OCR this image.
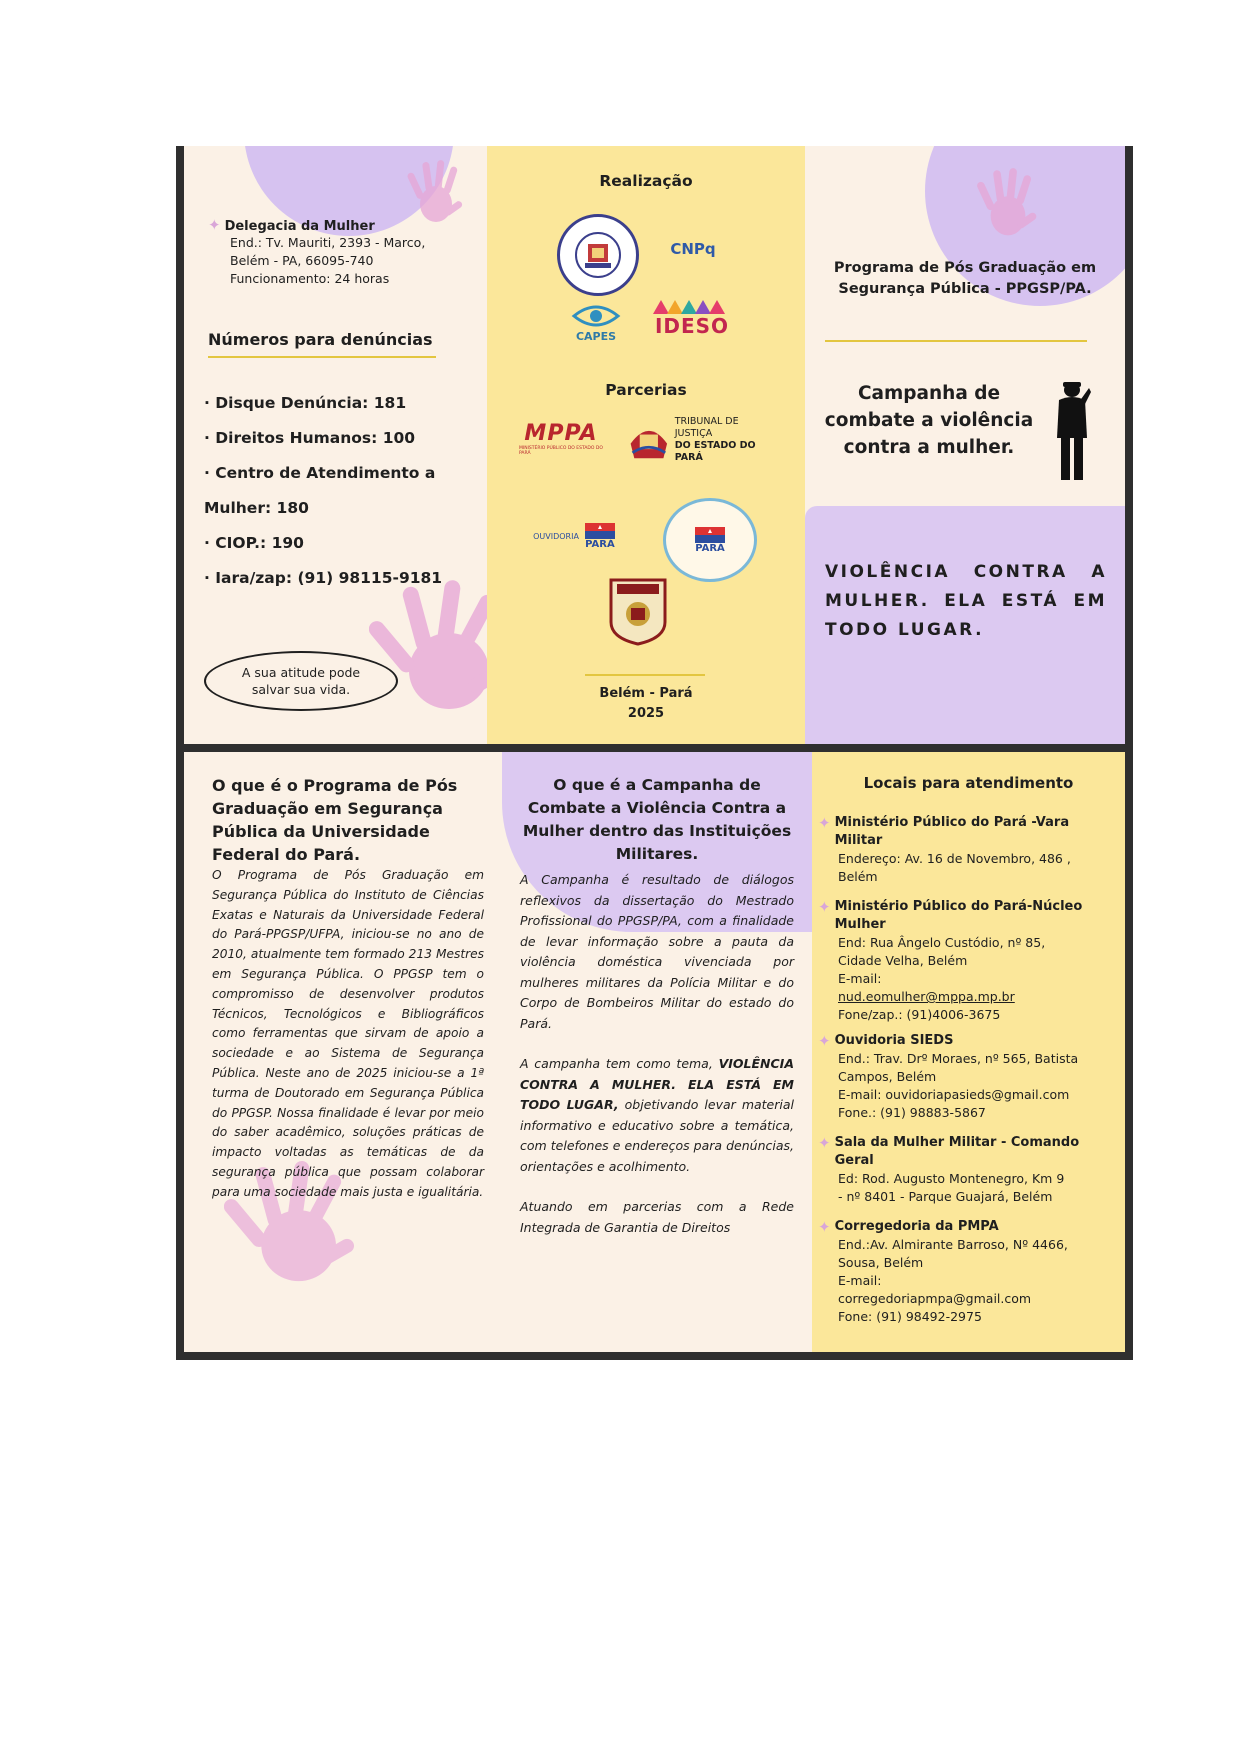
✦ Delegacia da Mulher
End.: Tv. Mauriti, 2393 - Marco,
Belém - PA, 66095-740
Funcionamento: 24 horas
Números para denúncias

· Disque Denúncia: 181

· Direitos Humanos: 100

· Centro de Atendimento a

Mulher: 180

· CIOP.: 190

· Iara/zap: (91) 98115-9181

A sua atitude pode salvar sua vida.
Realização
CNPq
CAPES IDESO
Parcerias
MPPA
MINISTÉRIO PÚBLICO DO ESTADO DO PARÁ
TRIBUNAL DE JUSTIÇA
DO ESTADO DO PARÁ
OUVIDORIA
PARÁ	PARÁ
Belém - Pará
2025
Programa de Pós Graduação em Segurança Pública - PPGSP/PA.
Campanha de combate a violência contra a mulher.
VIOLÊNCIA CONTRA A MULHER. ELA ESTÁ EM TODO LUGAR.
O que é o Programa de Pós Graduação em Segurança Pública da Universidade Federal do Pará.
O Programa de Pós Graduação em Segurança Pública do Instituto de Ciências Exatas e Naturais da Universidade Federal do Pará-PPGSP/UFPA, iniciou-se no ano de 2010, atualmente tem formado 213 Mestres em Segurança Pública. O PPGSP tem o compromisso de desenvolver produtos Técnicos, Tecnológicos e Bibliográficos como ferramentas que sirvam de apoio a sociedade e ao Sistema de Segurança Pública. Neste ano de 2025 iniciou-se a 1ª turma de Doutorado em Segurança Pública do PPGSP. Nossa finalidade é levar por meio do saber acadêmico, soluções práticas de impacto voltadas as temáticas de da segurança pública que possam colaborar para uma sociedade mais justa e igualitária.
O que é a Campanha de Combate a Violência Contra a Mulher dentro das Instituições Militares.
A Campanha é resultado de diálogos reflexivos da dissertação do Mestrado Profissional do PPGSP/PA, com a finalidade de levar informação sobre a pauta da violência doméstica vivenciada por mulheres militares da Polícia Militar e do Corpo de Bombeiros Militar do estado do Pará.
A campanha tem como tema, VIOLÊNCIA CONTRA A MULHER. ELA ESTÁ EM TODO LUGAR, objetivando levar material informativo e educativo sobre a temática, com telefones e endereços para denúncias, orientações e acolhimento.
Atuando em parcerias com a Rede Integrada de Garantia de Direitos
Locais para atendimento
✦ Ministério Público do Pará -Vara Militar
Endereço: Av. 16 de Novembro, 486 ,
Belém
✦ Ministério Público do Pará-Núcleo Mulher
End: Rua Ângelo Custódio, nº 85,
Cidade Velha, Belém
E-mail:
nud.eomulher@mppa.mp.br
Fone/zap.: (91)4006-3675
✦ Ouvidoria SIEDS
End.: Trav. Drº Moraes, nº 565, Batista
Campos, Belém
E-mail: ouvidoriapasieds@gmail.com
Fone.: (91) 98883-5867
✦ Sala da Mulher Militar - Comando Geral
Ed: Rod. Augusto Montenegro, Km 9
- nº 8401 - Parque Guajará, Belém
✦ Corregedoria da PMPA
End.:Av. Almirante Barroso, Nº 4466,
Sousa, Belém
E-mail:
corregedoriapmpa@gmail.com
Fone: (91) 98492-2975
